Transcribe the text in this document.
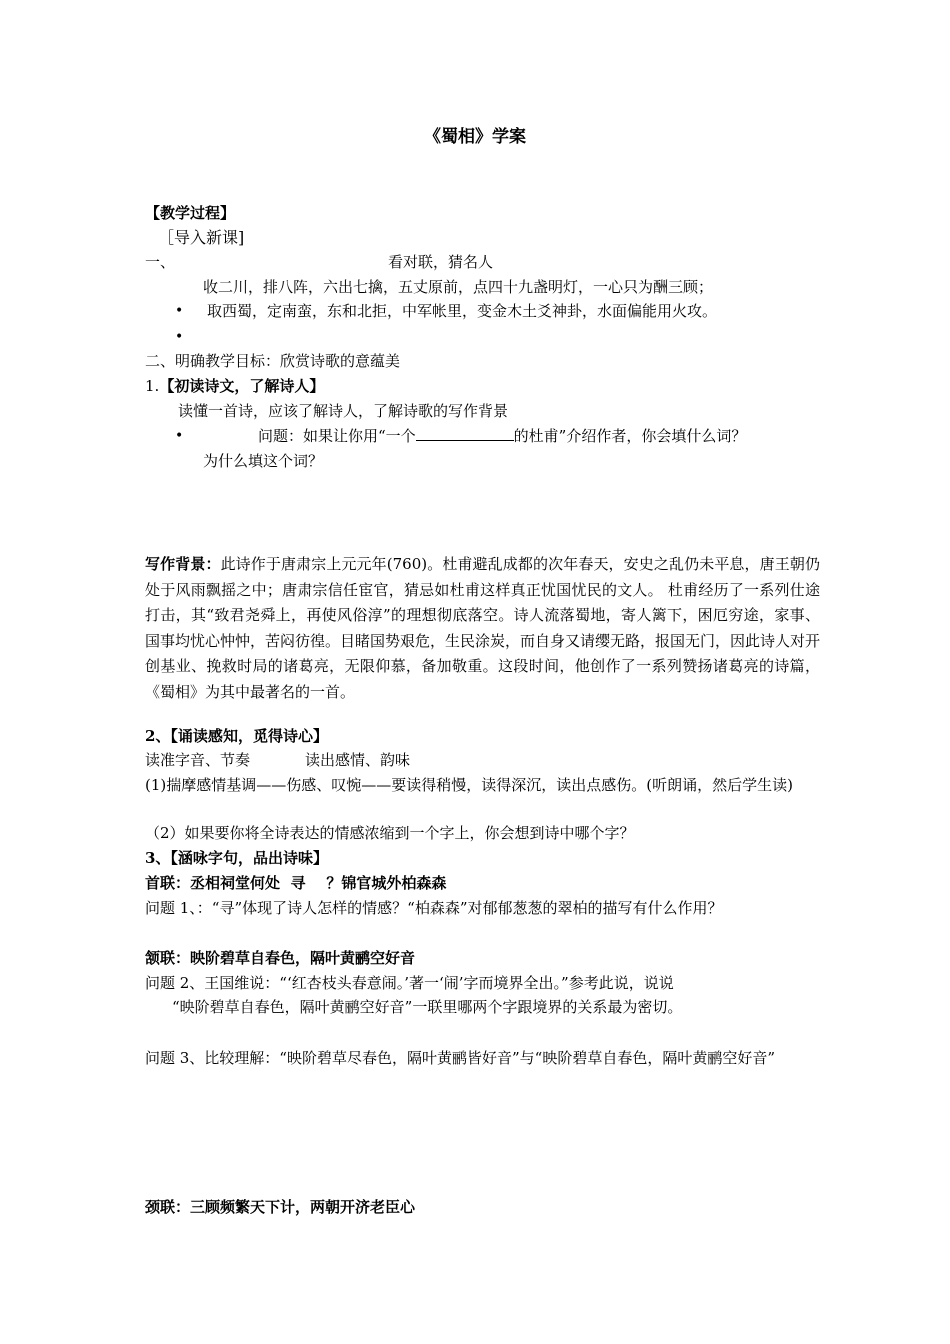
《蜀相》学案
【教学过程】
［导入新课]
一、	看对联，猜名人
收二川，排八阵，六出七擒，五丈原前，点四十九盏明灯，一心只为酬三顾；
• 取西蜀，定南蛮，东和北拒，中军帐里，变金木土爻神卦，水面偏能用火攻。
•
二、明确教学目标：欣赏诗歌的意蕴美
1.【初读诗文，了解诗人】
读懂一首诗，应该了解诗人，了解诗歌的写作背景
•	问题：如果让你用“一个	的杜甫”介绍作者，你会填什么词？
为什么填这个词？
写作背景：此诗作于唐肃宗上元元年(760)。杜甫避乱成都的次年春天，安史之乱仍未平息，唐王朝仍处于风雨飘摇之中；唐肃宗信任宦官，猜忌如杜甫这样真正忧国忧民的文人。 杜甫经历了一系列仕途打击，其“致君尧舜上，再使风俗淳”的理想彻底落空。诗人流落蜀地，寄人篱下，困厄穷途，家事、国事均忧心忡忡，苦闷彷徨。目睹国势艰危，生民涂炭，而自身又请缨无路，报国无门，因此诗人对开创基业、挽救时局的诸葛亮，无限仰慕，备加敬重。这段时间，他创作了一系列赞扬诸葛亮的诗篇，《蜀相》为其中最著名的一首。
2、【诵读感知，觅得诗心】
读准字音、节奏	读出感情、韵味
(1)揣摩感情基调——伤感、叹惋——要读得稍慢，读得深沉，读出点感伤。(听朗诵，然后学生读)
（2）如果要你将全诗表达的情感浓缩到一个字上，你会想到诗中哪个字？
3、【涵咏字句，品出诗味】
首联：丞相祠堂何处  寻    ？锦官城外柏森森
问题 1、：“寻”体现了诗人怎样的情感？“柏森森”对郁郁葱葱的翠柏的描写有什么作用？
颔联：映阶碧草自春色，隔叶黄鹂空好音
问题 2、王国维说：“‘红杏枝头春意闹。’著一‘闹’字而境界全出。”参考此说，说说
“映阶碧草自春色，隔叶黄鹂空好音”一联里哪两个字跟境界的关系最为密切。
问题 3、比较理解：“映阶碧草尽春色，隔叶黄鹂皆好音”与“映阶碧草自春色，隔叶黄鹂空好音”
颈联：三顾频繁天下计，两朝开济老臣心
